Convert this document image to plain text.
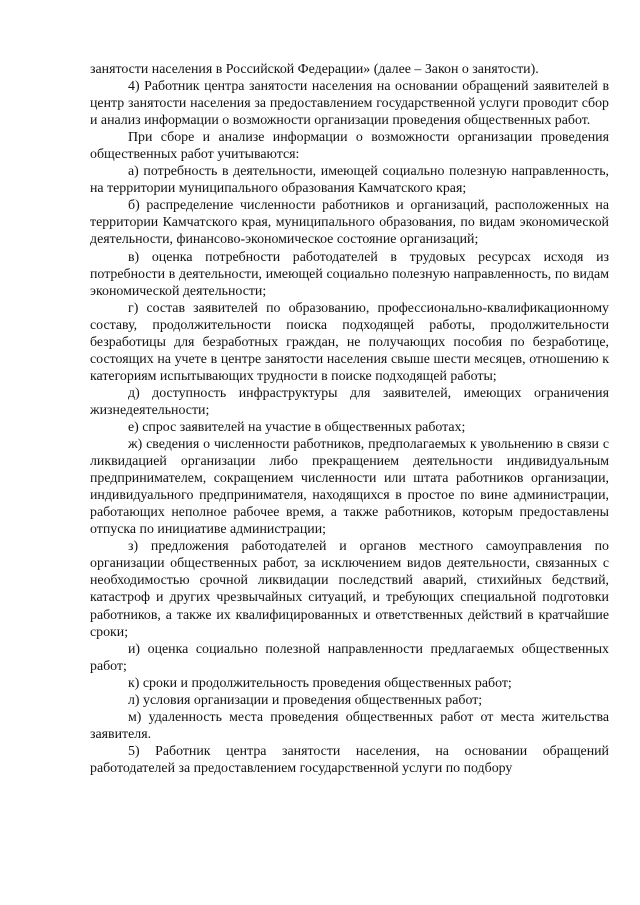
занятости населения в Российской Федерации» (далее – Закон о занятости).

4) Работник центра занятости населения на основании обращений заявителей в центр занятости населения за предоставлением государственной услуги проводит сбор и анализ информации о возможности организации проведения общественных работ.

При сборе и анализе информации о возможности организации проведения общественных работ учитываются:

а) потребность в деятельности, имеющей социально полезную направленность, на территории муниципального образования Камчатского края;

б) распределение численности работников и организаций, расположенных на территории Камчатского края, муниципального образования, по видам экономической деятельности, финансово-экономическое состояние организаций;

в) оценка потребности работодателей в трудовых ресурсах исходя из потребности в деятельности, имеющей социально полезную направленность, по видам экономической деятельности;

г) состав заявителей по образованию, профессионально-квалификационному составу, продолжительности поиска подходящей работы, продолжительности безработицы для безработных граждан, не получающих пособия по безработице, состоящих на учете в центре занятости населения свыше шести месяцев, отношению к категориям испытывающих трудности в поиске подходящей работы;

д) доступность инфраструктуры для заявителей, имеющих ограничения жизнедеятельности;

е) спрос заявителей на участие в общественных работах;

ж) сведения о численности работников, предполагаемых к увольнению в связи с ликвидацией организации либо прекращением деятельности индивидуальным предпринимателем, сокращением численности или штата работников организации, индивидуального предпринимателя, находящихся в простое по вине администрации, работающих неполное рабочее время, а также работников, которым предоставлены отпуска по инициативе администрации;

з) предложения работодателей и органов местного самоуправления по организации общественных работ, за исключением видов деятельности, связанных с необходимостью срочной ликвидации последствий аварий, стихийных бедствий, катастроф и других чрезвычайных ситуаций, и требующих специальной подготовки работников, а также их квалифицированных и ответственных действий в кратчайшие сроки;

и) оценка социально полезной направленности предлагаемых общественных работ;

к) сроки и продолжительность проведения общественных работ;

л) условия организации и проведения общественных работ;

м) удаленность места проведения общественных работ от места жительства заявителя.

5) Работник центра занятости населения, на основании обращений работодателей за предоставлением государственной услуги по подбору
